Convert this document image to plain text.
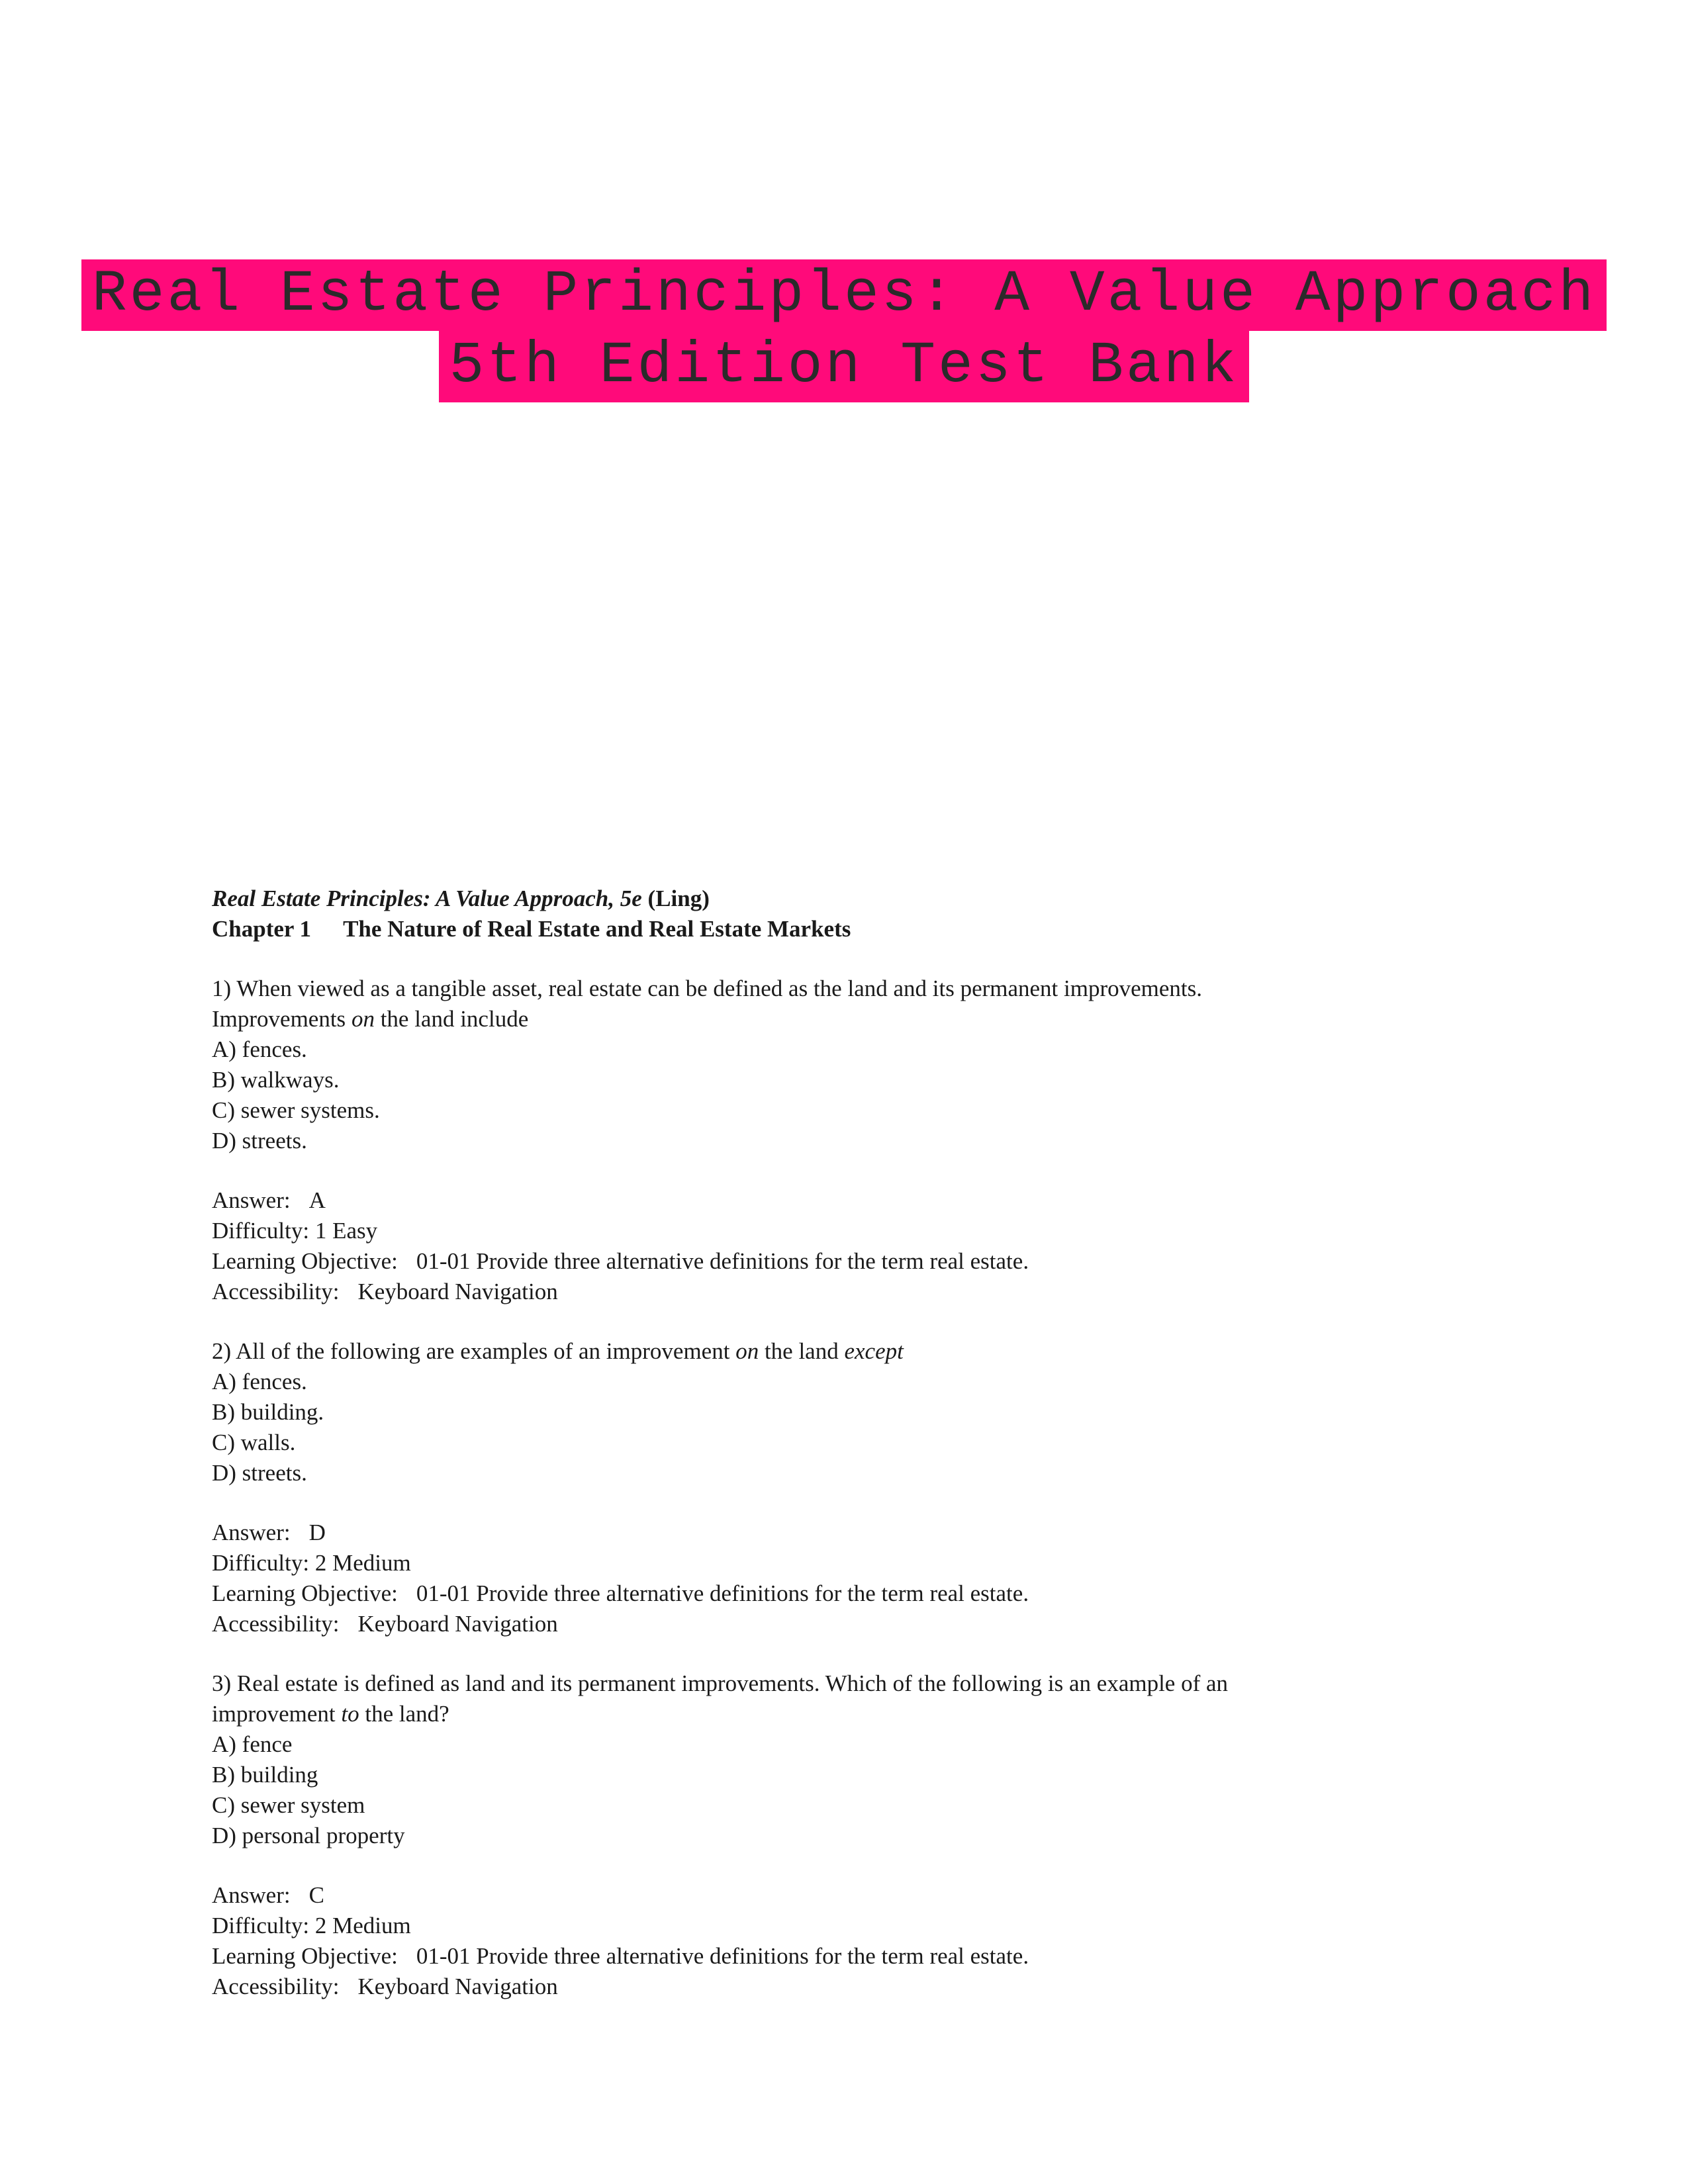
Real Estate Principles: A Value Approach
5th Edition Test Bank
Real Estate Principles: A Value Approach, 5e (Ling)
Chapter 1 The Nature of Real Estate and Real Estate Markets
1) When viewed as a tangible asset, real estate can be defined as the land and its permanent improvements. Improvements on the land include
A) fences.
B) walkways.
C) sewer systems.
D) streets.
Answer: A
Difficulty: 1 Easy
Learning Objective: 01-01 Provide three alternative definitions for the term real estate.
Accessibility: Keyboard Navigation
2) All of the following are examples of an improvement on the land except
A) fences.
B) building.
C) walls.
D) streets.
Answer: D
Difficulty: 2 Medium
Learning Objective: 01-01 Provide three alternative definitions for the term real estate.
Accessibility: Keyboard Navigation
3) Real estate is defined as land and its permanent improvements. Which of the following is an example of an improvement to the land?
A) fence
B) building
C) sewer system
D) personal property
Answer: C
Difficulty: 2 Medium
Learning Objective: 01-01 Provide three alternative definitions for the term real estate.
Accessibility: Keyboard Navigation
